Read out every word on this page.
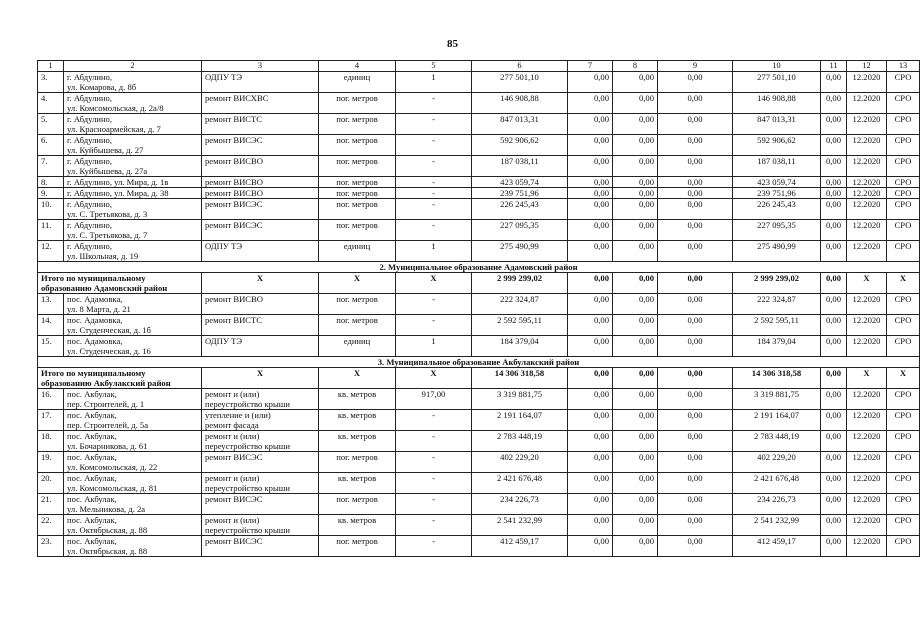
85
1	2	3	4	5	6	7	8	9	10	11	12	13
3.	г. Абдулино,
ул. Комарова, д. 8б	ОДПУ ТЭ	единиц	1	277 501,10	0,00	0,00	0,00	277 501,10	0,00	12.2020	СРО
4.	г. Абдулино,
ул. Комсомольская, д. 2а/8	ремонт ВИСХВС	пог. метров	-	146 908,88	0,00	0,00	0,00	146 908,88	0,00	12.2020	СРО
5.	г. Абдулино,
ул. Красноармейская, д. 7	ремонт ВИСТС	пог. метров	-	847 013,31	0,00	0,00	0,00	847 013,31	0,00	12.2020	СРО
6.	г. Абдулино,
ул. Куйбышева, д. 27	ремонт ВИСЭС	пог. метров	-	592 906,62	0,00	0,00	0,00	592 906,62	0,00	12.2020	СРО
7.	г. Абдулино,
ул. Куйбышева, д. 27а	ремонт ВИСВО	пог. метров	-	187 038,11	0,00	0,00	0,00	187 038,11	0,00	12.2020	СРО
8.	г. Абдулино, ул. Мира, д. 1в	ремонт ВИСВО	пог. метров	-	423 059,74	0,00	0,00	0,00	423 059,74	0,00	12.2020	СРО
9.	г. Абдулино, ул. Мира, д. 38	ремонт ВИСВО	пог. метров	-	239 751,96	0,00	0,00	0,00	239 751,96	0,00	12.2020	СРО
10.	г. Абдулино,
ул. С. Третьякова, д. 3	ремонт ВИСЭС	пог. метров	-	226 245,43	0,00	0,00	0,00	226 245,43	0,00	12.2020	СРО
11.	г. Абдулино,
ул. С. Третьякова, д. 7	ремонт ВИСЭС	пог. метров	-	227 095,35	0,00	0,00	0,00	227 095,35	0,00	12.2020	СРО
12.	г. Абдулино,
ул. Школьная, д. 19	ОДПУ ТЭ	единиц	1	275 490,99	0,00	0,00	0,00	275 490,99	0,00	12.2020	СРО
2. Муниципальное образование Адамовский район												

Итого по муниципальному
образованию Адамовский район		X	X	X	2 999 299,02	0,00	0,00	0,00	2 999 299,02	0,00	X	X
13.	пос. Адамовка,
ул. 8 Марта, д. 21	ремонт ВИСВО	пог. метров	-	222 324,87	0,00	0,00	0,00	222 324,87	0,00	12.2020	СРО
14.	пос. Адамовка,
ул. Студенческая, д. 1б	ремонт ВИСТС	пог. метров	-	2 592 595,11	0,00	0,00	0,00	2 592 595,11	0,00	12.2020	СРО
15.	пос. Адамовка,
ул. Студенческая, д. 16	ОДПУ ТЭ	единиц	1	184 379,04	0,00	0,00	0,00	184 379,04	0,00	12.2020	СРО
3. Муниципальное образование Акбулакский район												

Итого по муниципальному
образованию Акбулакский район		X	X	X	14 306 318,58	0,00	0,00	0,00	14 306 318,58	0,00	X	X
16.	пос. Акбулак,
пер. Строителей, д. 1	ремонт и (или)
переустройство крыши	кв. метров	917,00	3 319 881,75	0,00	0,00	0,00	3 319 881,75	0,00	12.2020	СРО
17.	пос. Акбулак,
пер. Строителей, д. 5а	утепление и (или)
ремонт фасада	кв. метров	-	2 191 164,07	0,00	0,00	0,00	2 191 164,07	0,00	12.2020	СРО
18.	пос. Акбулак,
ул. Бочарникова, д. 61	ремонт и (или)
переустройство крыши	кв. метров	-	2 783 448,19	0,00	0,00	0,00	2 783 448,19	0,00	12.2020	СРО
19.	пос. Акбулак,
ул. Комсомольская, д. 22	ремонт ВИСЭС	пог. метров	-	402 229,20	0,00	0,00	0,00	402 229,20	0,00	12.2020	СРО
20.	пос. Акбулак,
ул. Комсомольская, д. 81	ремонт и (или)
переустройство крыши	кв. метров	-	2 421 676,48	0,00	0,00	0,00	2 421 676,48	0,00	12.2020	СРО
21.	пос. Акбулак,
ул. Мельникова, д. 2а	ремонт ВИСЭС	пог. метров	-	234 226,73	0,00	0,00	0,00	234 226,73	0,00	12.2020	СРО
22.	пос. Акбулак,
ул. Октябрьская, д. 88	ремонт и (или)
переустройство крыши	кв. метров	-	2 541 232,99	0,00	0,00	0,00	2 541 232,99	0,00	12.2020	СРО
23.	пос. Акбулак,
ул. Октябрьская, д. 88	ремонт ВИСЭС	пог. метров	-	412 459,17	0,00	0,00	0,00	412 459,17	0,00	12.2020	СРО
